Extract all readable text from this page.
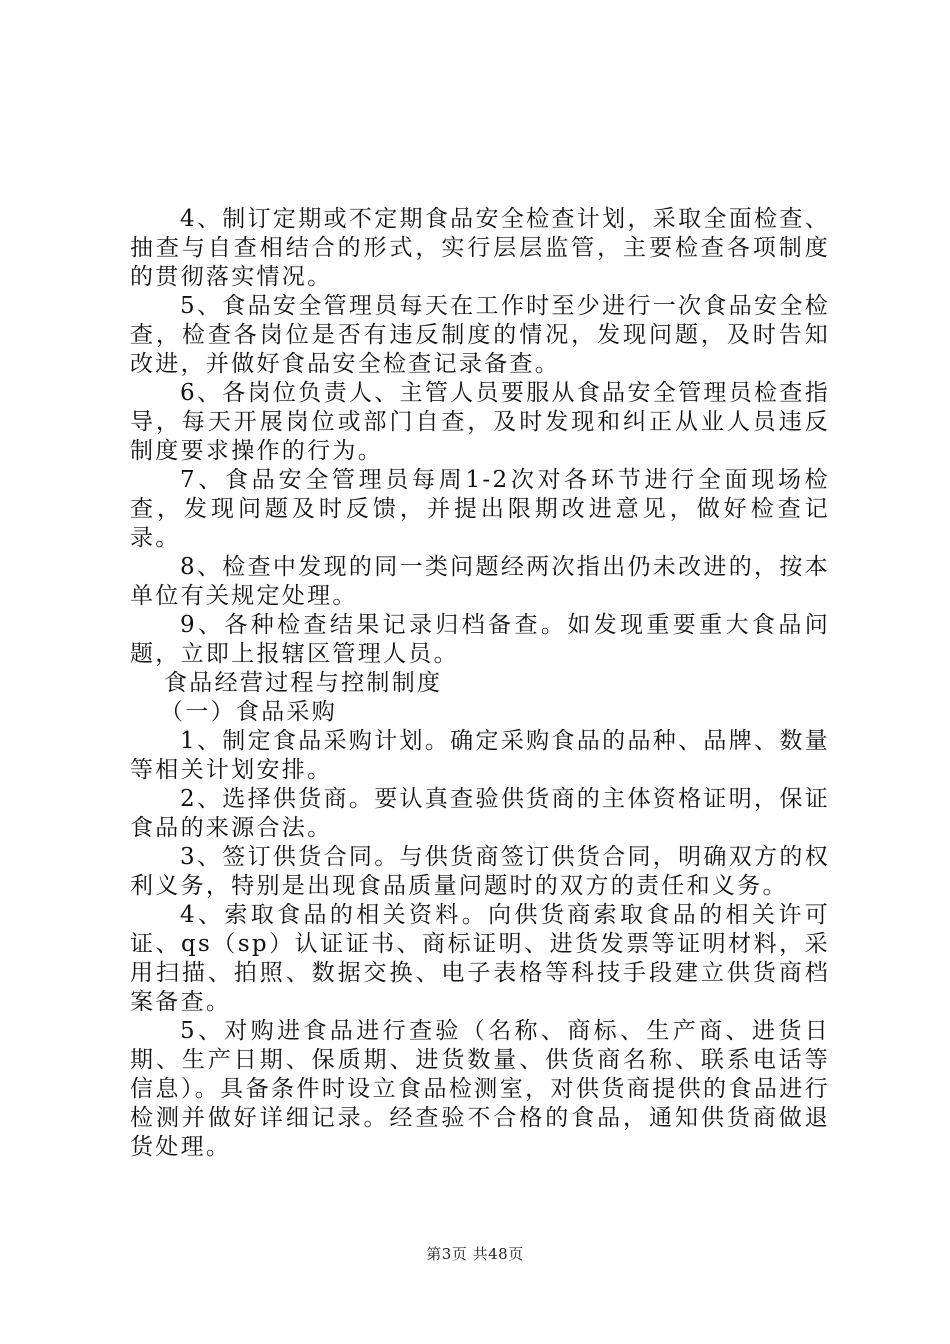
4、制订定期或不定期食品安全检查计划，采取全面检查、抽查与自查相结合的形式，实行层层监管，主要检查各项制度的贯彻落实情况。

5、食品安全管理员每天在工作时至少进行一次食品安全检查，检查各岗位是否有违反制度的情况，发现问题，及时告知改进，并做好食品安全检查记录备查。

6、各岗位负责人、主管人员要服从食品安全管理员检查指导，每天开展岗位或部门自查，及时发现和纠正从业人员违反制度要求操作的行为。

7、食品安全管理员每周1-2次对各环节进行全面现场检查，发现问题及时反馈，并提出限期改进意见，做好检查记录。

8、检查中发现的同一类问题经两次指出仍未改进的，按本单位有关规定处理。

9、各种检查结果记录归档备查。如发现重要重大食品问题，立即上报辖区管理人员。

食品经营过程与控制制度

（一）食品采购

1、制定食品采购计划。确定采购食品的品种、品牌、数量等相关计划安排。

2、选择供货商。要认真查验供货商的主体资格证明，保证食品的来源合法。

3、签订供货合同。与供货商签订供货合同，明确双方的权利义务，特别是出现食品质量问题时的双方的责任和义务。

4、索取食品的相关资料。向供货商索取食品的相关许可证、qs（sp）认证证书、商标证明、进货发票等证明材料，采用扫描、拍照、数据交换、电子表格等科技手段建立供货商档案备查。

5、对购进食品进行查验（名称、商标、生产商、进货日期、生产日期、保质期、进货数量、供货商名称、联系电话等信息）。具备条件时设立食品检测室，对供货商提供的食品进行检测并做好详细记录。经查验不合格的食品，通知供货商做退货处理。

第3页 共48页
